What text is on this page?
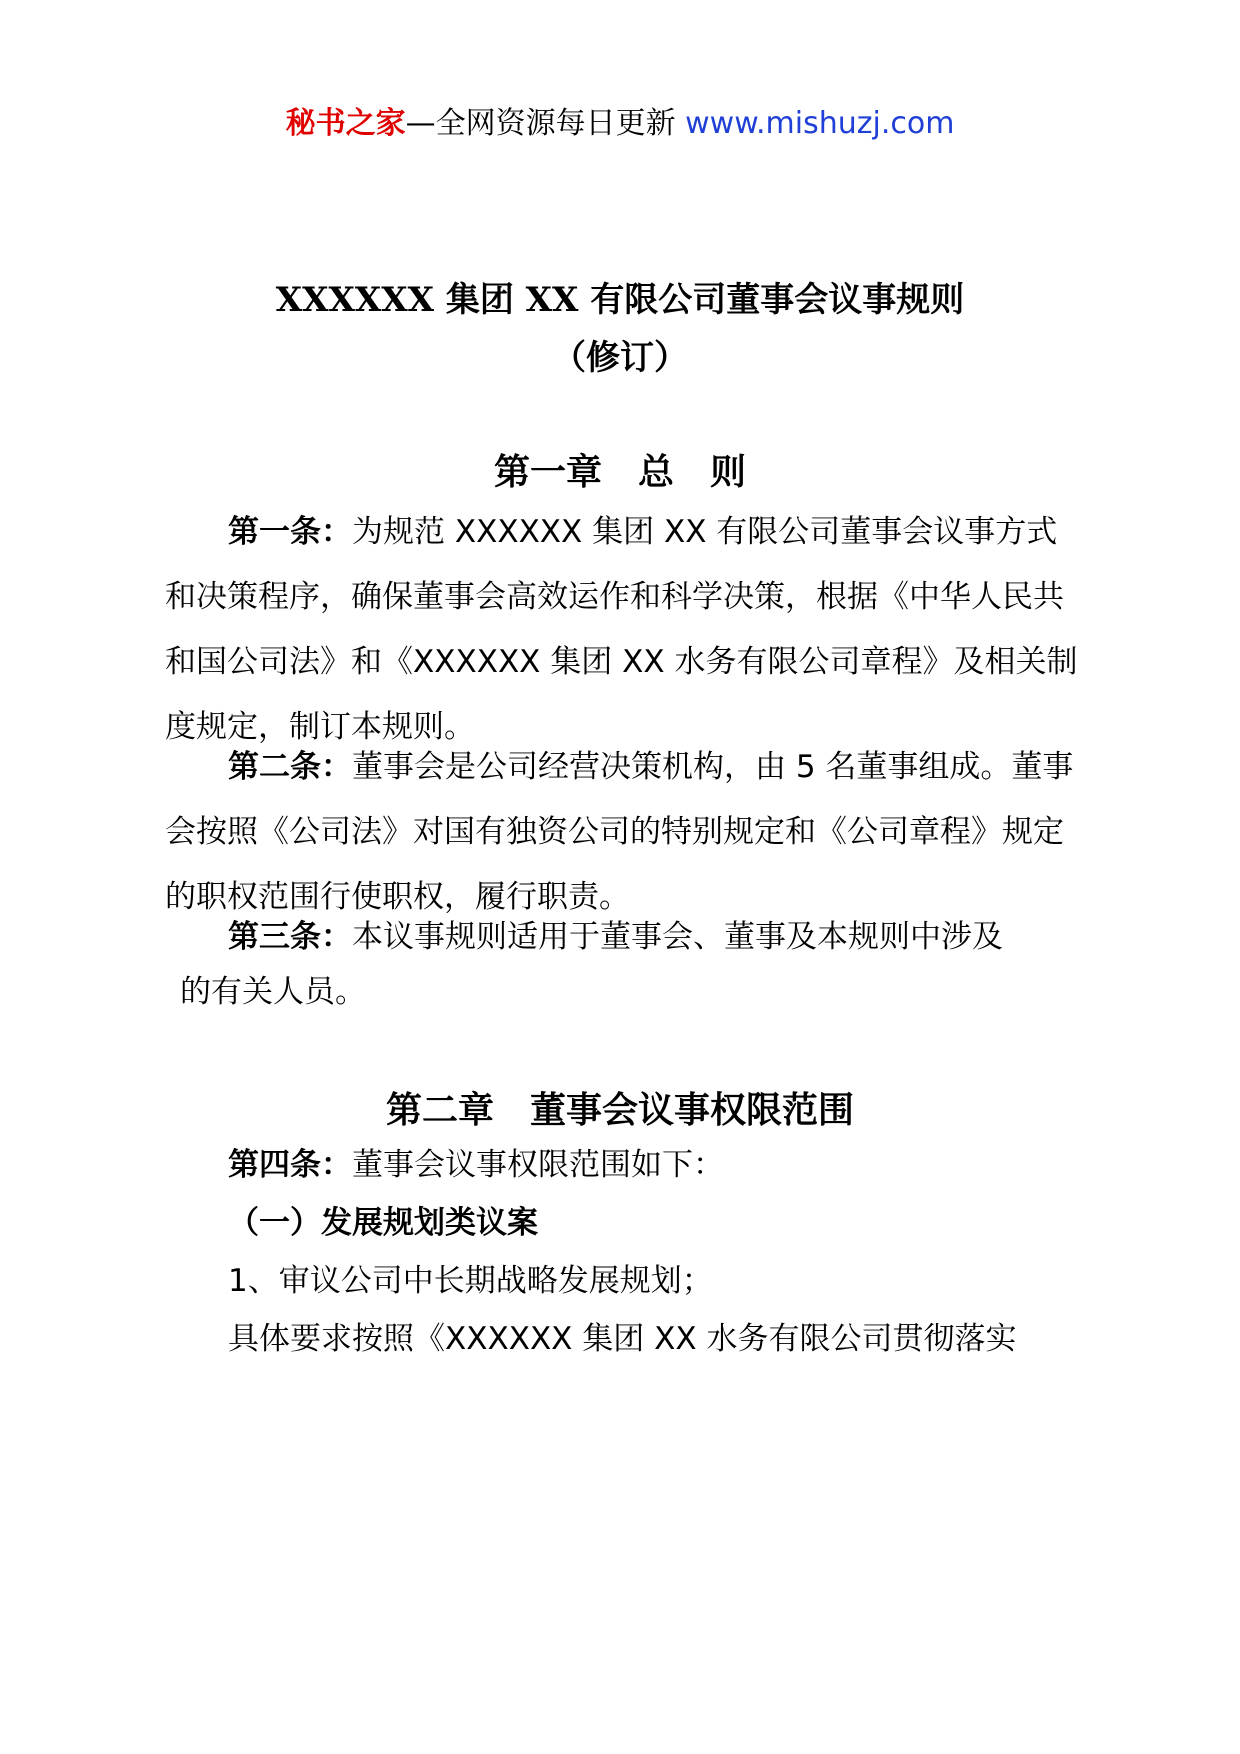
秘书之家—全网资源每日更新 www.mishuzj.com
XXXXXX 集团 XX 有限公司董事会议事规则
（修订）
第一章　总　则
第一条：为规范 XXXXXX 集团 XX 有限公司董事会议事方式和决策程序，确保董事会高效运作和科学决策，根据《中华人民共和国公司法》和《XXXXXX 集团 XX 水务有限公司章程》及相关制度规定，制订本规则。
第二条：董事会是公司经营决策机构，由 5 名董事组成。董事会按照《公司法》对国有独资公司的特别规定和《公司章程》规定的职权范围行使职权，履行职责。
第三条：本议事规则适用于董事会、董事及本规则中涉及
的有关人员。
第二章　董事会议事权限范围
第四条：董事会议事权限范围如下：
（一）发展规划类议案
1、审议公司中长期战略发展规划；
具体要求按照《XXXXXX 集团 XX 水务有限公司贯彻落实
